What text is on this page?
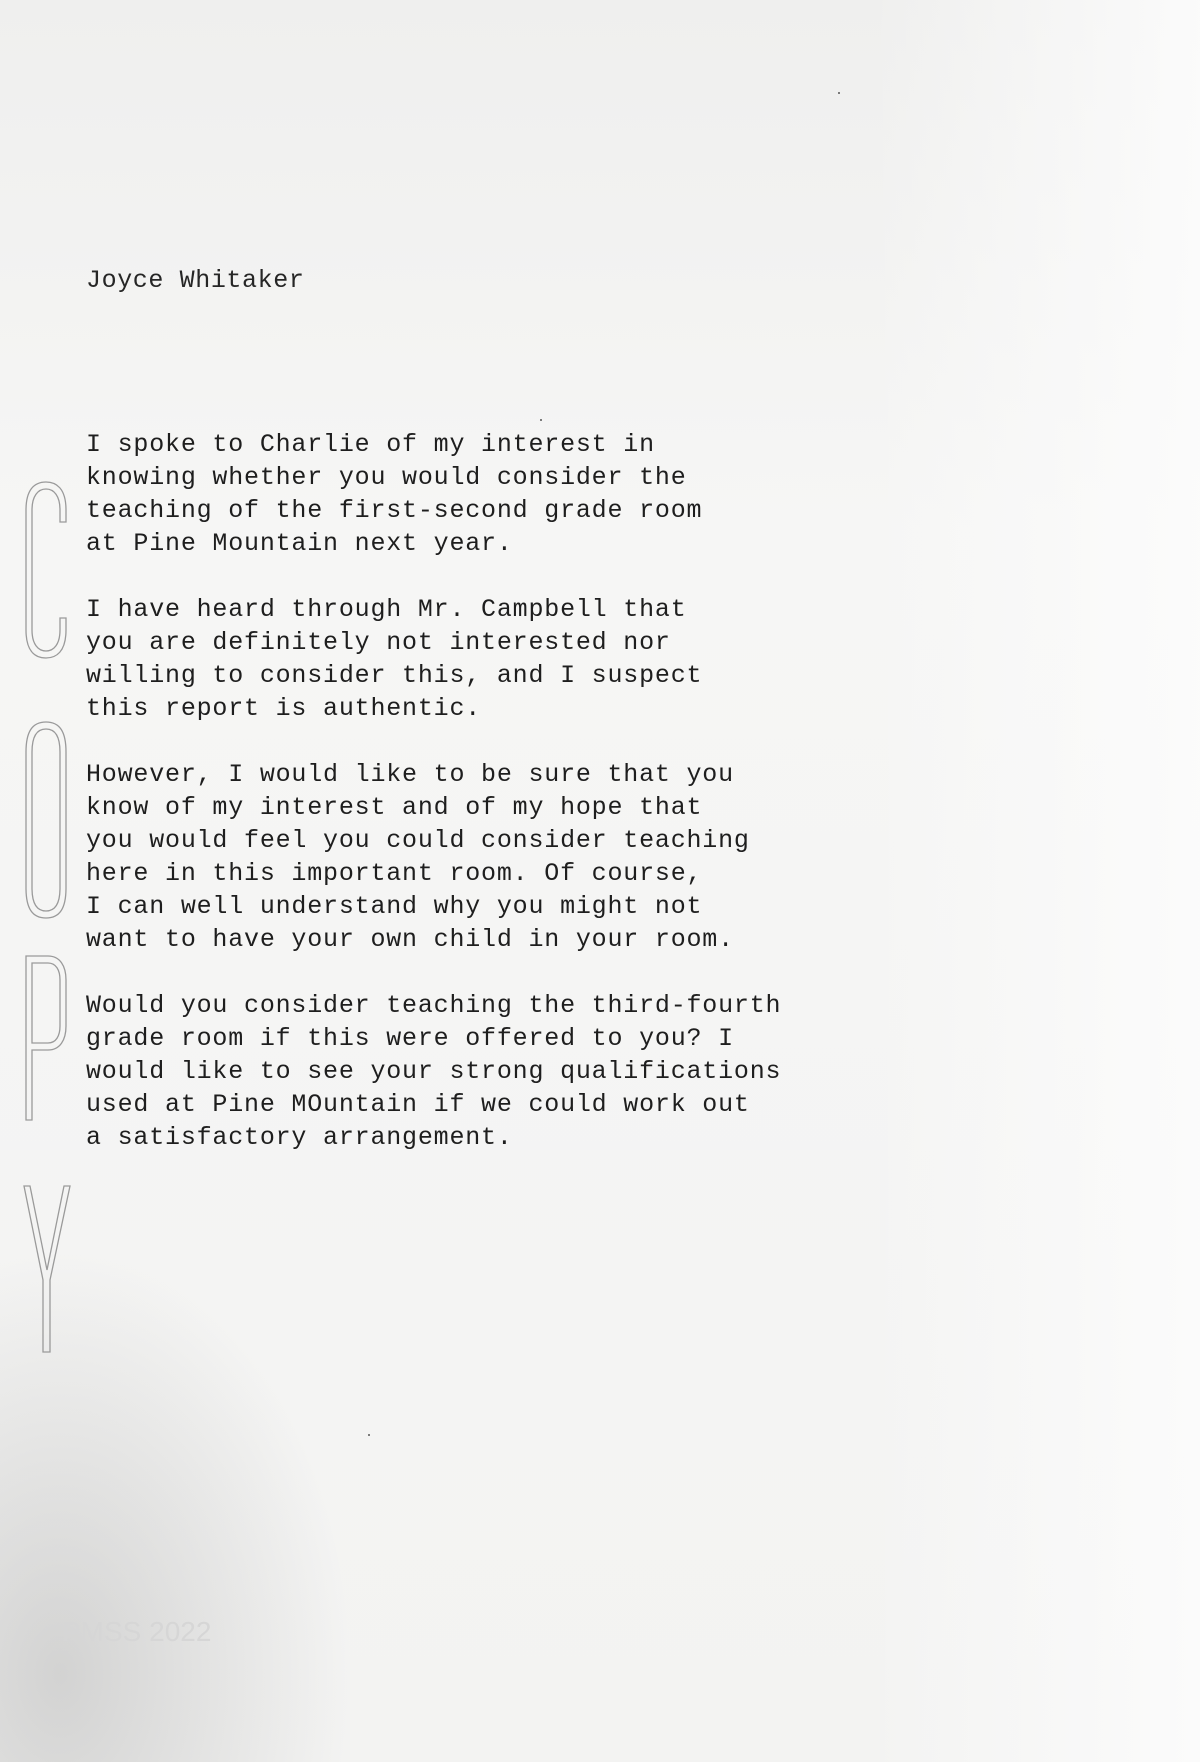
Joyce Whitaker

I spoke to Charlie of my interest in
knowing whether you would consider the
teaching of the first-second grade room
at Pine Mountain next year.

I have heard through Mr. Campbell that
you are definitely not interested nor
willing to consider this, and I suspect
this report is authentic.

However, I would like to be sure that you
know of my interest and of my hope that
you would feel you could consider teaching
here in this important room. Of course,
I can well understand why you might not
want to have your own child in your room.

Would you consider teaching the third-fourth
grade room if this were offered to you? I
would like to see your strong qualifications
used at Pine MOuntain if we could work out
a satisfactory arrangement.

PMSS 2022
